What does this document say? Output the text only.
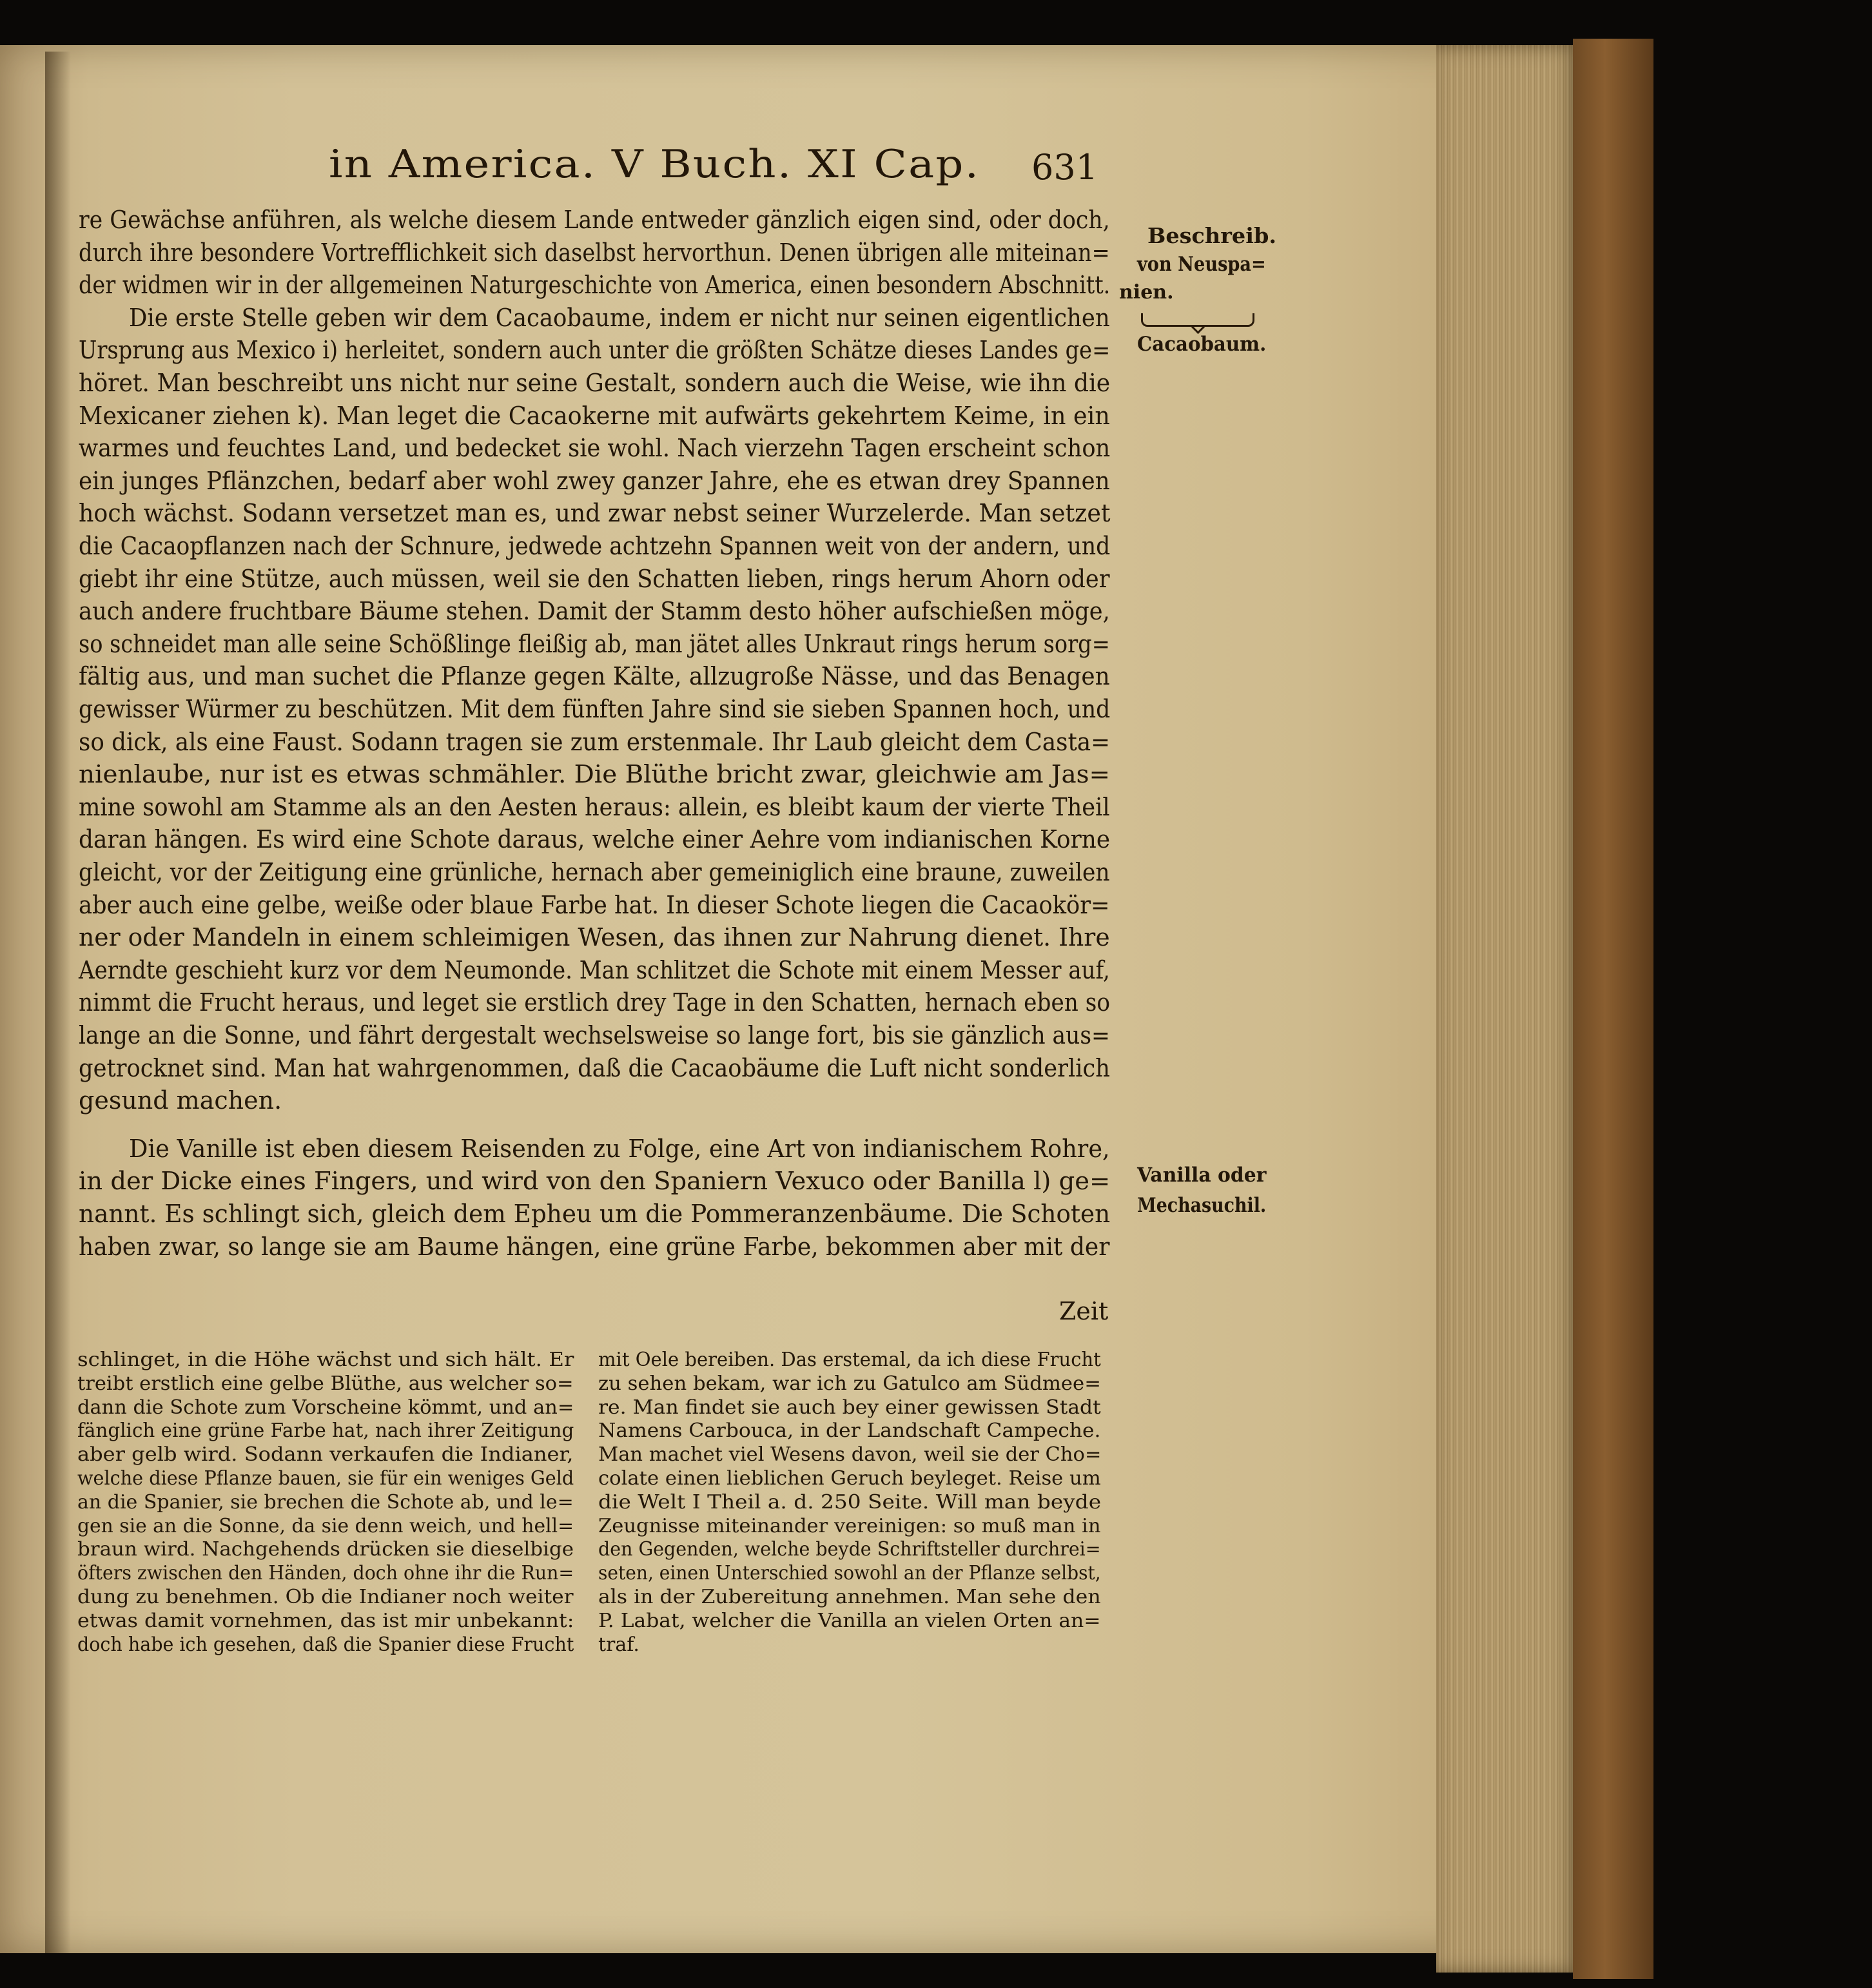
in America. V Buch. XI Cap. 631
re Gewächse anführen, als welche diesem Lande entweder gänzlich eigen sind, oder doch,
durch ihre besondere Vortrefflichkeit sich daselbst hervorthun. Denen übrigen alle miteinan=
der widmen wir in der allgemeinen Naturgeschichte von America, einen besondern Abschnitt.
Die erste Stelle geben wir dem Cacaobaume, indem er nicht nur seinen eigentlichen
Ursprung aus Mexico i) herleitet, sondern auch unter die größten Schätze dieses Landes ge=
höret. Man beschreibt uns nicht nur seine Gestalt, sondern auch die Weise, wie ihn die
Mexicaner ziehen k). Man leget die Cacaokerne mit aufwärts gekehrtem Keime, in ein
warmes und feuchtes Land, und bedecket sie wohl. Nach vierzehn Tagen erscheint schon
ein junges Pflänzchen, bedarf aber wohl zwey ganzer Jahre, ehe es etwan drey Spannen
hoch wächst. Sodann versetzet man es, und zwar nebst seiner Wurzelerde. Man setzet
die Cacaopflanzen nach der Schnure, jedwede achtzehn Spannen weit von der andern, und
giebt ihr eine Stütze, auch müssen, weil sie den Schatten lieben, rings herum Ahorn oder
auch andere fruchtbare Bäume stehen. Damit der Stamm desto höher aufschießen möge,
so schneidet man alle seine Schößlinge fleißig ab, man jätet alles Unkraut rings herum sorg=
fältig aus, und man suchet die Pflanze gegen Kälte, allzugroße Nässe, und das Benagen
gewisser Würmer zu beschützen. Mit dem fünften Jahre sind sie sieben Spannen hoch, und
so dick, als eine Faust. Sodann tragen sie zum erstenmale. Ihr Laub gleicht dem Casta=
nienlaube, nur ist es etwas schmähler. Die Blüthe bricht zwar, gleichwie am Jas=
mine sowohl am Stamme als an den Aesten heraus: allein, es bleibt kaum der vierte Theil
daran hängen. Es wird eine Schote daraus, welche einer Aehre vom indianischen Korne
gleicht, vor der Zeitigung eine grünliche, hernach aber gemeiniglich eine braune, zuweilen
aber auch eine gelbe, weiße oder blaue Farbe hat. In dieser Schote liegen die Cacaokör=
ner oder Mandeln in einem schleimigen Wesen, das ihnen zur Nahrung dienet. Ihre
Aerndte geschieht kurz vor dem Neumonde. Man schlitzet die Schote mit einem Messer auf,
nimmt die Frucht heraus, und leget sie erstlich drey Tage in den Schatten, hernach eben so
lange an die Sonne, und fährt dergestalt wechselsweise so lange fort, bis sie gänzlich aus=
getrocknet sind. Man hat wahrgenommen, daß die Cacaobäume die Luft nicht sonderlich
gesund machen.
Die Vanille ist eben diesem Reisenden zu Folge, eine Art von indianischem Rohre,
in der Dicke eines Fingers, und wird von den Spaniern Vexuco oder Banilla l) ge=
nannt. Es schlingt sich, gleich dem Epheu um die Pommeranzenbäume. Die Schoten
haben zwar, so lange sie am Baume hängen, eine grüne Farbe, bekommen aber mit der
Zeit
Beschreib.
von Neuspa=
nien.
Cacaobaum.
Vanilla oder
Mechasuchil.
schlinget, in die Höhe wächst und sich hält. Er
treibt erstlich eine gelbe Blüthe, aus welcher so=
dann die Schote zum Vorscheine kömmt, und an=
fänglich eine grüne Farbe hat, nach ihrer Zeitigung
aber gelb wird. Sodann verkaufen die Indianer,
welche diese Pflanze bauen, sie für ein weniges Geld
an die Spanier, sie brechen die Schote ab, und le=
gen sie an die Sonne, da sie denn weich, und hell=
braun wird. Nachgehends drücken sie dieselbige
öfters zwischen den Händen, doch ohne ihr die Run=
dung zu benehmen. Ob die Indianer noch weiter
etwas damit vornehmen, das ist mir unbekannt:
doch habe ich gesehen, daß die Spanier diese Frucht
mit Oele bereiben. Das erstemal, da ich diese Frucht
zu sehen bekam, war ich zu Gatulco am Südmee=
re. Man findet sie auch bey einer gewissen Stadt
Namens Carbouca, in der Landschaft Campeche.
Man machet viel Wesens davon, weil sie der Cho=
colate einen lieblichen Geruch beyleget. Reise um
die Welt I Theil a. d. 250 Seite. Will man beyde
Zeugnisse miteinander vereinigen: so muß man in
den Gegenden, welche beyde Schriftsteller durchrei=
seten, einen Unterschied sowohl an der Pflanze selbst,
als in der Zubereitung annehmen. Man sehe den
P. Labat, welcher die Vanilla an vielen Orten an=
traf.
